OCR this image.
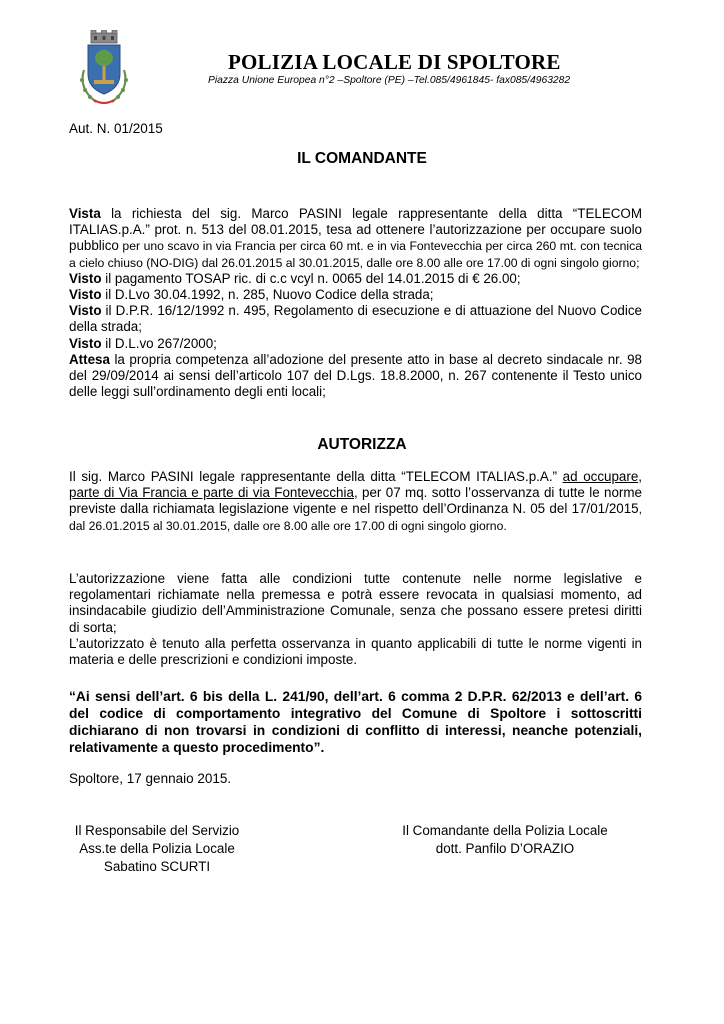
POLIZIA LOCALE DI SPOLTORE
Piazza Unione Europea n°2 –Spoltore (PE) –Tel.085/4961845- fax085/4963282
Aut. N. 01/2015
IL COMANDANTE
Vista la richiesta del sig. Marco PASINI legale rappresentante della ditta “TELECOM ITALIAS.p.A.” prot. n. 513 del 08.01.2015, tesa ad ottenere l’autorizzazione per occupare suolo pubblico per uno scavo in via Francia per circa 60 mt. e in via Fontevecchia per circa 260 mt. con tecnica a cielo chiuso (NO-DIG) dal 26.01.2015 al 30.01.2015, dalle ore 8.00 alle ore 17.00 di ogni singolo giorno;
Visto il pagamento TOSAP ric. di c.c vcyl n. 0065 del 14.01.2015 di € 26.00;
Visto il D.Lvo 30.04.1992, n. 285, Nuovo Codice della strada;
Visto il D.P.R. 16/12/1992 n. 495, Regolamento di esecuzione e di attuazione del Nuovo Codice della strada;
Visto il D.L.vo 267/2000;
Attesa la propria competenza all’adozione del presente atto in base al decreto sindacale nr. 98 del 29/09/2014 ai sensi dell’articolo 107 del D.Lgs. 18.8.2000, n. 267 contenente il Testo unico delle leggi sull’ordinamento degli enti locali;
AUTORIZZA
Il sig. Marco PASINI legale rappresentante della ditta “TELECOM ITALIAS.p.A.” ad occupare, parte di Via Francia e parte di via Fontevecchia, per 07 mq. sotto l’osservanza di tutte le norme previste dalla richiamata legislazione vigente e nel rispetto dell’Ordinanza N. 05 del 17/01/2015, dal 26.01.2015 al 30.01.2015, dalle ore 8.00 alle ore 17.00 di ogni singolo giorno.
L’autorizzazione viene fatta alle condizioni tutte contenute nelle norme legislative e regolamentari richiamate nella premessa e potrà essere revocata in qualsiasi momento, ad insindacabile giudizio dell’Amministrazione Comunale, senza che possano essere pretesi diritti di sorta;
L’autorizzato è tenuto alla perfetta osservanza in quanto applicabili di tutte le norme vigenti in materia e delle prescrizioni e condizioni imposte.
“Ai sensi dell’art. 6 bis della L. 241/90, dell’art. 6 comma 2 D.P.R. 62/2013 e dell’art. 6 del codice di comportamento integrativo del Comune di Spoltore i sottoscritti dichiarano di non trovarsi in condizioni di conflitto di interessi, neanche potenziali, relativamente a questo procedimento”.
Spoltore, 17 gennaio 2015.
Il Responsabile del Servizio
Ass.te della Polizia Locale
Sabatino SCURTI
Il Comandante della Polizia Locale
dott. Panfilo D’ORAZIO
